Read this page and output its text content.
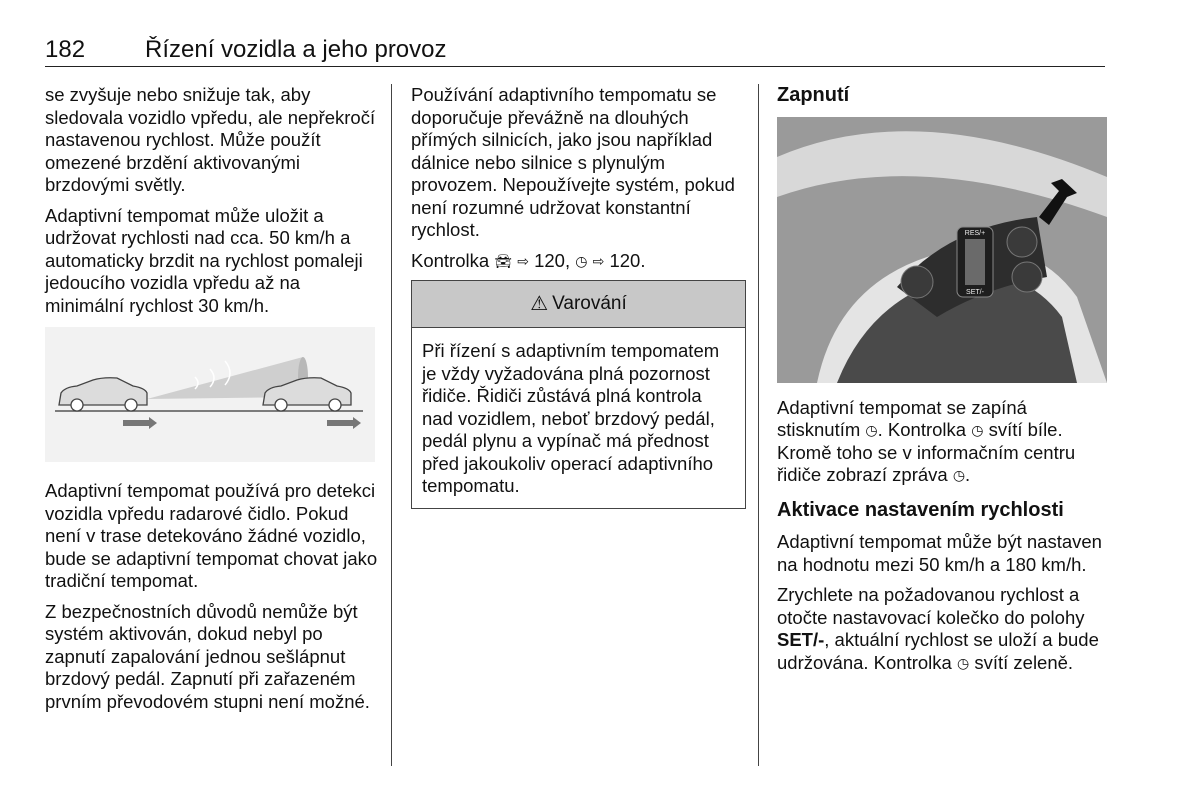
182 Řízení vozidla a jeho provoz

se zvyšuje nebo snižuje tak, aby sledovala vozidlo vpředu, ale nepřekročí nastavenou rychlost. Může použít omezené brzdění aktivovanými brzdovými světly.

Adaptivní tempomat může uložit a udržovat rychlosti nad cca. 50 km/h a automaticky brzdit na rychlost pomaleji jedoucího vozidla vpředu až na minimální rychlost 30 km/h.

Adaptivní tempomat používá pro detekci vozidla vpředu radarové čidlo. Pokud není v trase detekováno žádné vozidlo, bude se adaptivní tempomat chovat jako tradiční tempomat.

Z bezpečnostních důvodů nemůže být systém aktivován, dokud nebyl po zapnutí zapalování jednou sešlápnut brzdový pedál. Zapnutí při zařazeném prvním převodovém stupni není možné.

Používání adaptivního tempomatu se doporučuje převážně na dlouhých přímých silnicích, jako jsou například dálnice nebo silnice s plynulým provozem. Nepoužívejte systém, pokud není rozumné udržovat konstantní rychlost.

Kontrolka 🚘︎ ⇨ 120, ◷ ⇨ 120.

⚠︎ Varování
Při řízení s adaptivním tempomatem je vždy vyžadována plná pozornost řidiče. Řidiči zůstává plná kontrola nad vozidlem, neboť brzdový pedál, pedál plynu a vypínač má přednost před jakoukoliv operací adaptivního tempomatu.
Zapnutí
RES/+
SET/-

Adaptivní tempomat se zapíná stisknutím ◷. Kontrolka ◷ svítí bíle. Kromě toho se v informačním centru řidiče zobrazí zpráva ◷.

Aktivace nastavením rychlosti

Adaptivní tempomat může být nastaven na hodnotu mezi 50 km/h a 180 km/h.

Zrychlete na požadovanou rychlost a otočte nastavovací kolečko do polohy SET/-, aktuální rychlost se uloží a bude udržována. Kontrolka ◷ svítí zeleně.
